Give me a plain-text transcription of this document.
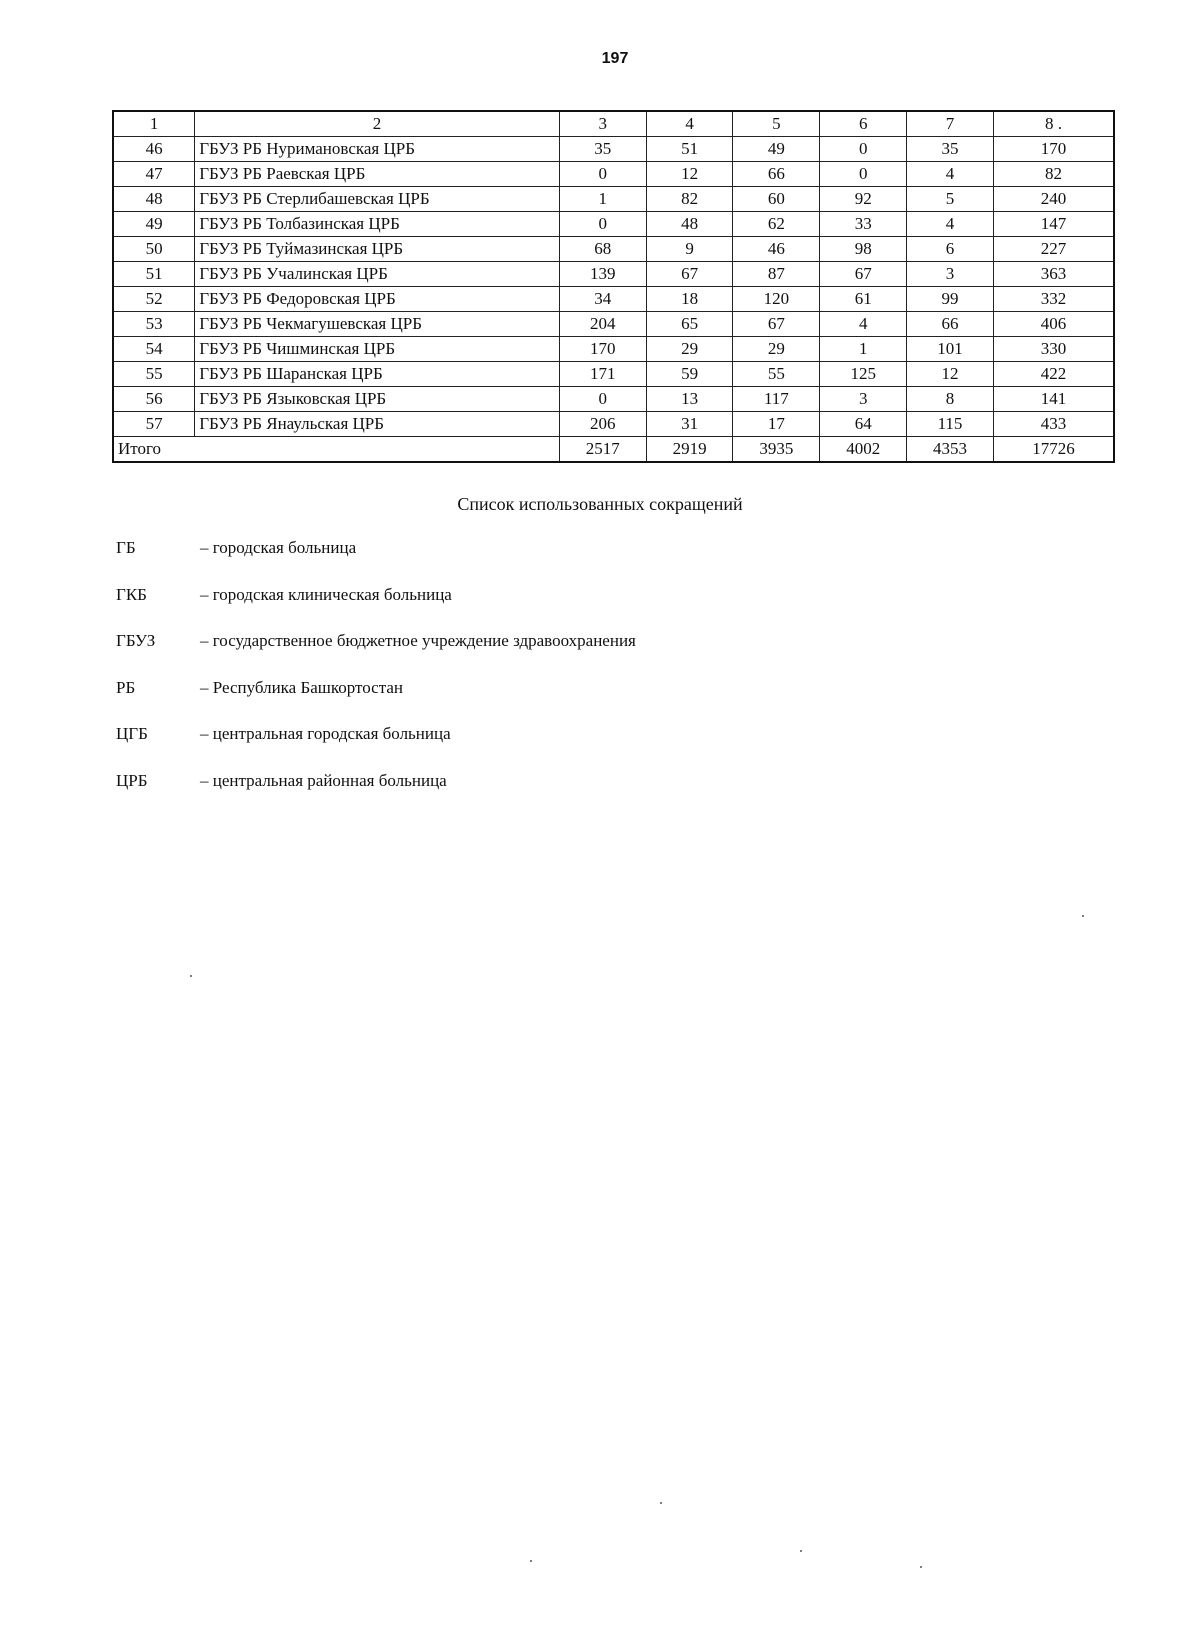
197
1	2	3	4	5	6	7	8 .
46	ГБУЗ РБ Нуримановская ЦРБ	35	51	49	0	35	170
47	ГБУЗ РБ Раевская ЦРБ	0	12	66	0	4	82
48	ГБУЗ РБ Стерлибашевская ЦРБ	1	82	60	92	5	240
49	ГБУЗ РБ Толбазинская ЦРБ	0	48	62	33	4	147
50	ГБУЗ РБ Туймазинская ЦРБ	68	9	46	98	6	227
51	ГБУЗ РБ Учалинская ЦРБ	139	67	87	67	3	363
52	ГБУЗ РБ Федоровская ЦРБ	34	18	120	61	99	332
53	ГБУЗ РБ Чекмагушевская ЦРБ	204	65	67	4	66	406
54	ГБУЗ РБ Чишминская ЦРБ	170	29	29	1	101	330
55	ГБУЗ РБ Шаранская ЦРБ	171	59	55	125	12	422
56	ГБУЗ РБ Языковская ЦРБ	0	13	117	3	8	141
57	ГБУЗ РБ Янаульская ЦРБ	206	31	17	64	115	433
Итого		2517	2919	3935	4002	4353	17726
Список использованных сокращений
ГБ	– городская больница
ГКБ	– городская клиническая больница
ГБУЗ	– государственное бюджетное учреждение здравоохранения
РБ	– Республика Башкортостан
ЦГБ	– центральная городская больница
ЦРБ	– центральная районная больница
